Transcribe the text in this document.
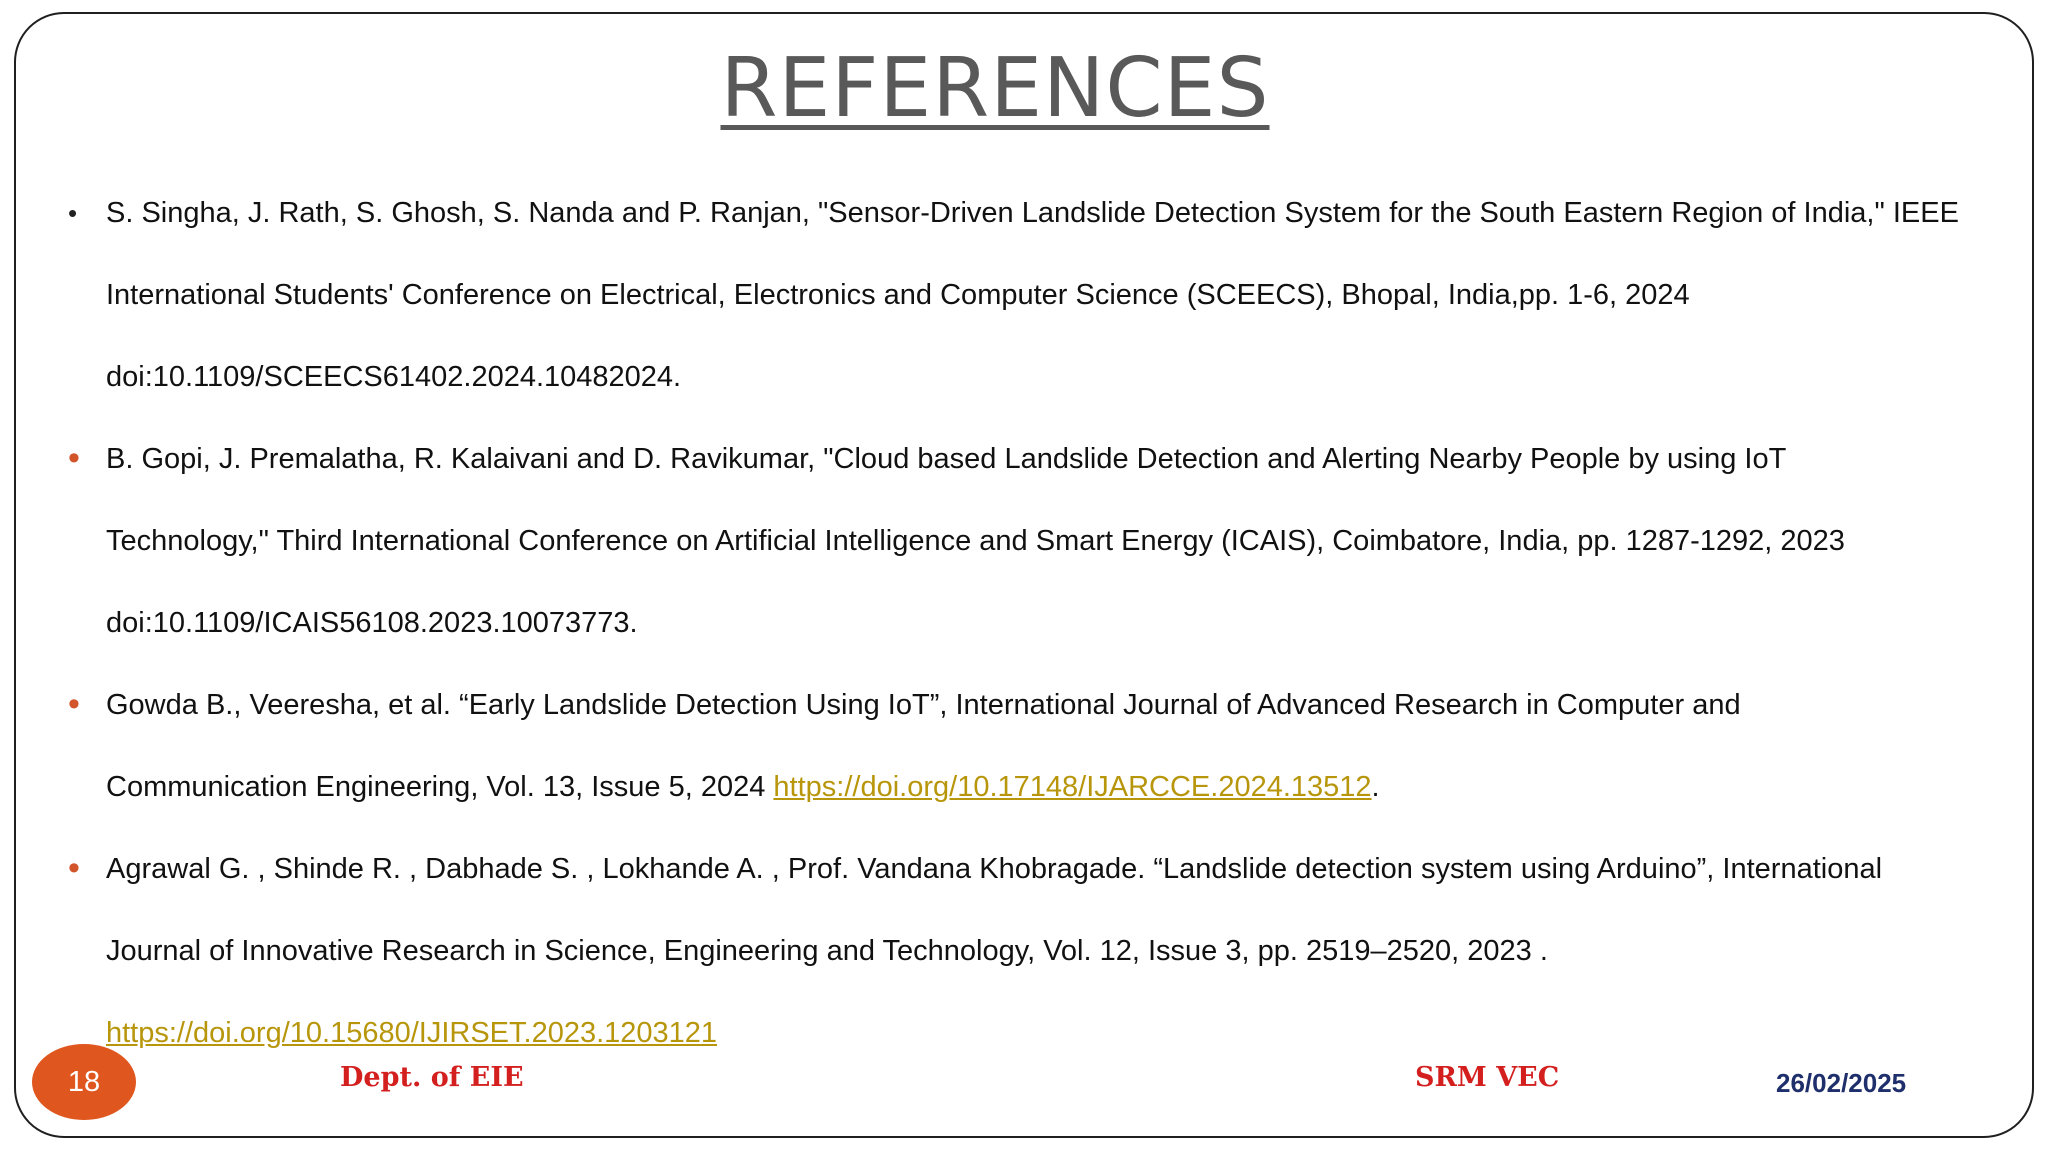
REFERENCES
• S. Singha, J. Rath, S. Ghosh, S. Nanda and P. Ranjan, "Sensor-Driven Landslide Detection System for the South Eastern Region of India," IEEE
International Students' Conference on Electrical, Electronics and Computer Science (SCEECS), Bhopal, India,pp. 1-6, 2024
doi:10.1109/SCEECS61402.2024.10482024.
• B. Gopi, J. Premalatha, R. Kalaivani and D. Ravikumar, "Cloud based Landslide Detection and Alerting Nearby People by using IoT
Technology," Third International Conference on Artificial Intelligence and Smart Energy (ICAIS), Coimbatore, India, pp. 1287-1292, 2023
doi:10.1109/ICAIS56108.2023.10073773.
• Gowda B., Veeresha, et al. “Early Landslide Detection Using IoT”, International Journal of Advanced Research in Computer and
Communication Engineering, Vol. 13, Issue 5, 2024 https://doi.org/10.17148/IJARCCE.2024.13512.
• Agrawal G. , Shinde R. , Dabhade S. , Lokhande A. , Prof. Vandana Khobragade. “Landslide detection system using Arduino”, International
Journal of Innovative Research in Science, Engineering and Technology, Vol. 12, Issue 3, pp. 2519–2520, 2023 .
https://doi.org/10.15680/IJIRSET.2023.1203121
18	Dept. of EIE	SRM VEC	26/02/2025
